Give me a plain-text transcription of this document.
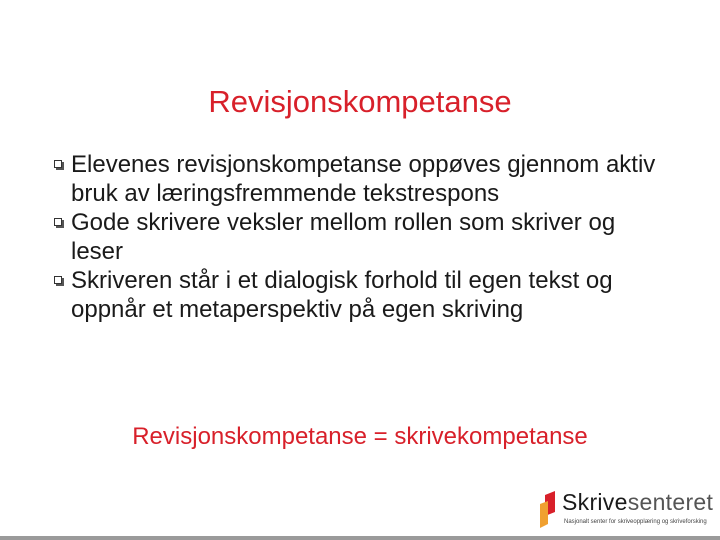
Revisjonskompetanse
Elevenes revisjonskompetanse oppøves gjennom aktiv bruk av læringsfremmende tekstrespons
Gode skrivere veksler mellom rollen som skriver og leser
Skriveren står i et dialogisk forhold til egen tekst og oppnår et metaperspektiv på egen skriving
Revisjonskompetanse = skrivekompetanse
Skrivesenteret
Nasjonalt senter for skriveopplæring og skriveforsking
